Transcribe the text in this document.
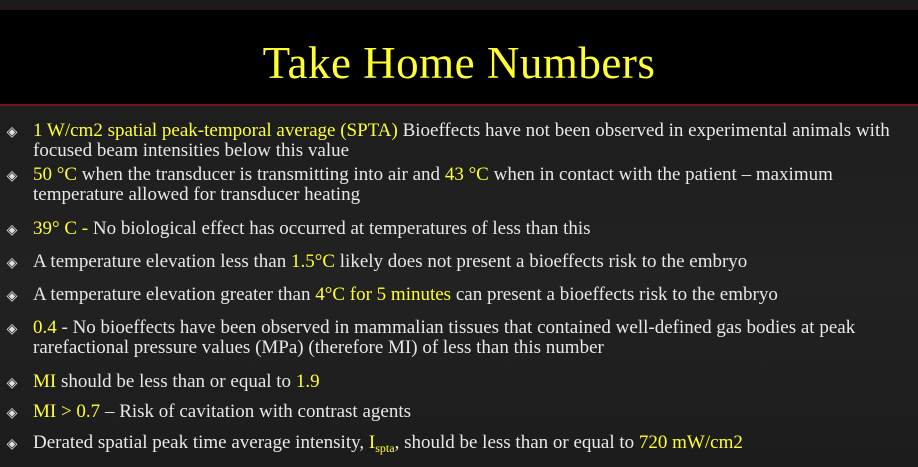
Take Home Numbers
◈ 1 W/cm2 spatial peak-temporal average (SPTA) Bioeffects have not been observed in experimental animals with focused beam intensities below this value
◈ 50 °C when the transducer is transmitting into air and 43 °C when in contact with the patient – maximum temperature allowed for transducer heating
◈ 39° C - No biological effect has occurred at temperatures of less than this
◈ A temperature elevation less than 1.5°C likely does not present a bioeffects risk to the embryo
◈ A temperature elevation greater than 4°C for 5 minutes can present a bioeffects risk to the embryo
◈ 0.4 - No bioeffects have been observed in mammalian tissues that contained well-defined gas bodies at peak rarefactional pressure values (MPa) (therefore MI) of less than this number
◈ MI should be less than or equal to 1.9
◈ MI > 0.7 – Risk of cavitation with contrast agents
◈ Derated spatial peak time average intensity, $I_{spta}$, should be less than or equal to 720 mW/cm2
